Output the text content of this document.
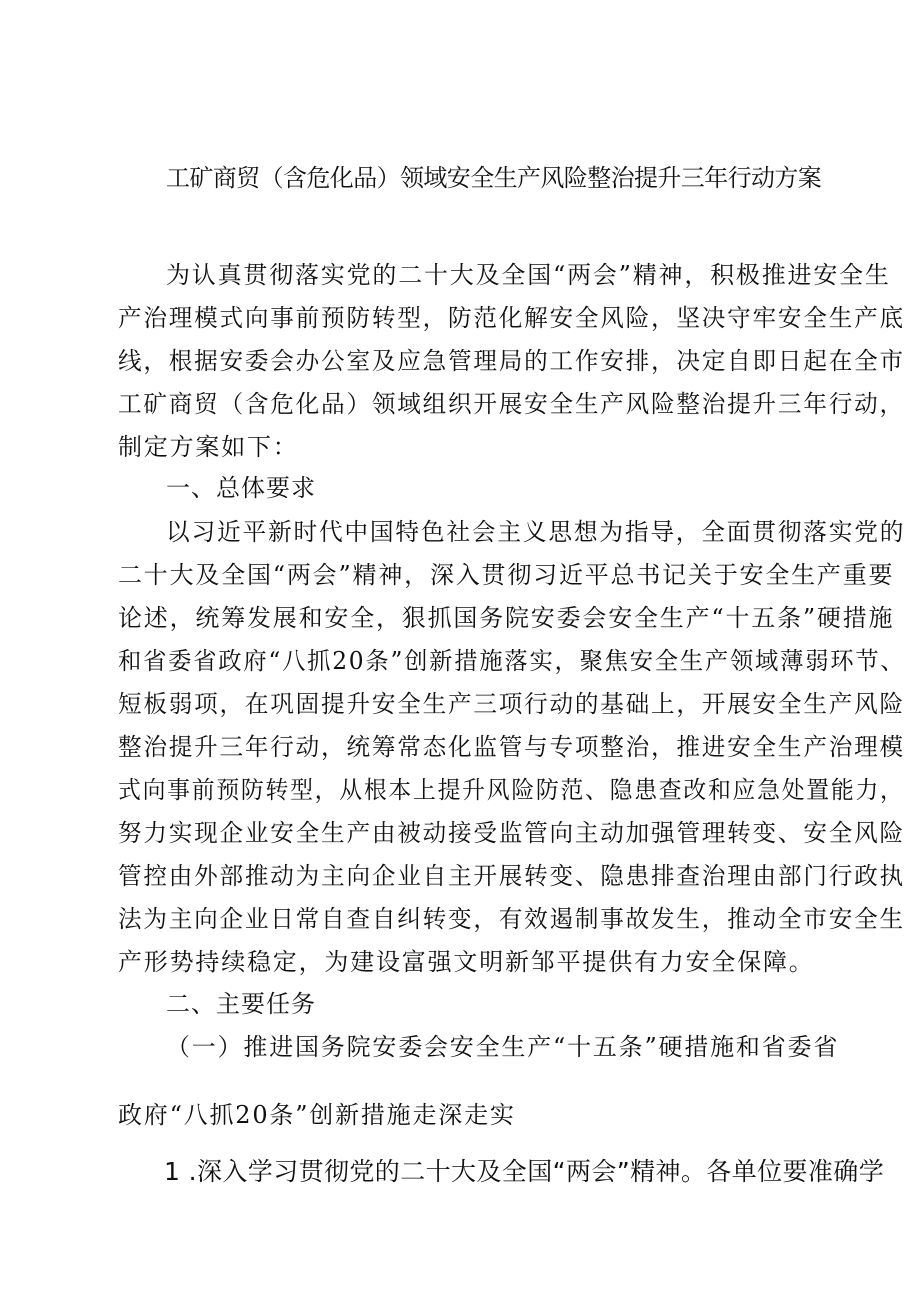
工矿商贸（含危化品）领域安全生产风险整治提升三年行动方案

为认真贯彻落实党的二十大及全国“两会”精神，积极推进安全生

产治理模式向事前预防转型，防范化解安全风险，坚决守牢安全生产底

线，根据安委会办公室及应急管理局的工作安排，决定自即日起在全市

工矿商贸（含危化品）领域组织开展安全生产风险整治提升三年行动，

制定方案如下：

一、总体要求

以习近平新时代中国特色社会主义思想为指导，全面贯彻落实党的

二十大及全国“两会”精神，深入贯彻习近平总书记关于安全生产重要

论述，统筹发展和安全，狠抓国务院安委会安全生产“十五条”硬措施

和省委省政府“八抓20条”创新措施落实，聚焦安全生产领域薄弱环节、

短板弱项，在巩固提升安全生产三项行动的基础上，开展安全生产风险

整治提升三年行动，统筹常态化监管与专项整治，推进安全生产治理模

式向事前预防转型，从根本上提升风险防范、隐患查改和应急处置能力，

努力实现企业安全生产由被动接受监管向主动加强管理转变、安全风险

管控由外部推动为主向企业自主开展转变、隐患排查治理由部门行政执

法为主向企业日常自查自纠转变，有效遏制事故发生，推动全市安全生

产形势持续稳定，为建设富强文明新邹平提供有力安全保障。

二、主要任务

（一）推进国务院安委会安全生产“十五条”硬措施和省委省

政府“八抓20条”创新措施走深走实

1 .深入学习贯彻党的二十大及全国“两会”精神。各单位要准确学
